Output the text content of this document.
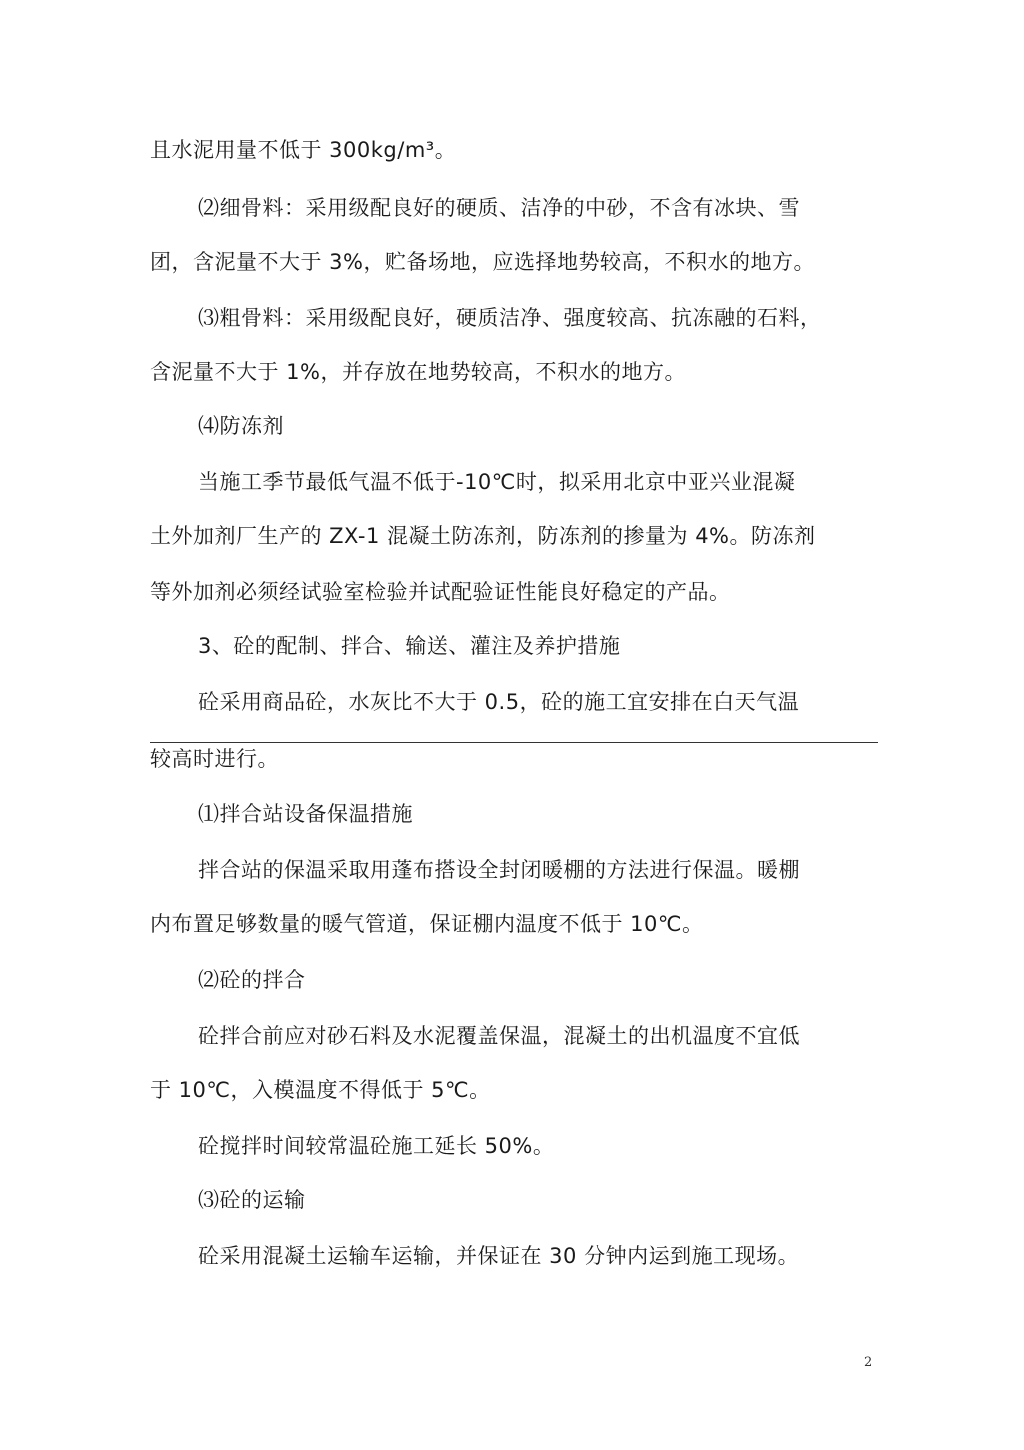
且水泥用量不低于 300kg/m³。
⑵细骨料：采用级配良好的硬质、洁净的中砂，不含有冰块、雪
团，含泥量不大于 3%，贮备场地，应选择地势较高，不积水的地方。
⑶粗骨料：采用级配良好，硬质洁净、强度较高、抗冻融的石料，
含泥量不大于 1%，并存放在地势较高，不积水的地方。
⑷防冻剂
当施工季节最低气温不低于-10℃时，拟采用北京中亚兴业混凝
土外加剂厂生产的 ZX-1 混凝土防冻剂，防冻剂的掺量为 4%。防冻剂
等外加剂必须经试验室检验并试配验证性能良好稳定的产品。
3、砼的配制、拌合、输送、灌注及养护措施
砼采用商品砼，水灰比不大于 0.5，砼的施工宜安排在白天气温
较高时进行。
⑴拌合站设备保温措施
拌合站的保温采取用蓬布搭设全封闭暖棚的方法进行保温。暖棚
内布置足够数量的暖气管道，保证棚内温度不低于 10℃。
⑵砼的拌合
砼拌合前应对砂石料及水泥覆盖保温，混凝土的出机温度不宜低
于 10℃，入模温度不得低于 5℃。
砼搅拌时间较常温砼施工延长 50%。
⑶砼的运输
砼采用混凝土运输车运输，并保证在 30 分钟内运到施工现场。
2
